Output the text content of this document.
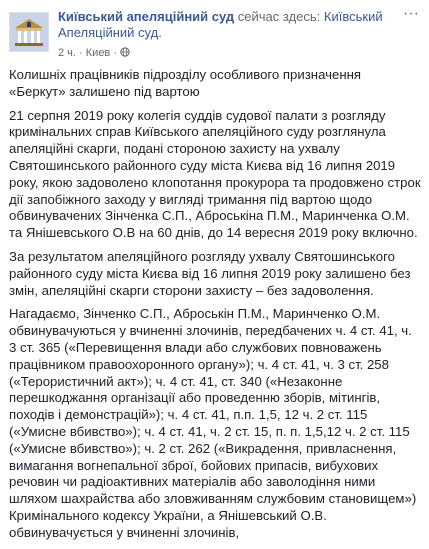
Київський апеляційний суд сейчас здесь: Київський Апеляційний суд.
2 ч. · Киев ·
···

Колишніх працівників підрозділу особливого призначення «Беркут» залишено під вартою

21 серпня 2019 року колегія суддів судової палати з розгляду кримінальних справ Київського апеляційного суду розглянула апеляційні скарги, подані стороною захисту на ухвалу Святошинського районного суду міста Києва від 16 липня 2019 року, якою задоволено клопотання прокурора та продовжено строк дії запобіжного заходу у вигляді тримання під вартою щодо обвинувачених Зінченка С.П., Аброськіна П.М., Маринченка О.М. та Янішевського О.В на 60 днів, до 14 вересня 2019 року включно.

За результатом апеляційного розгляду ухвалу Святошинського районного суду міста Києва від 16 липня 2019 року залишено без змін, апеляційні скарги сторони захисту – без задоволення.

Нагадаємо, Зінченко С.П., Аброськін П.М., Маринченко О.М. обвинувачуються у вчиненні злочинів, передбачених ч. 4 ст. 41, ч. 3 ст. 365 («Перевищення влади або службових повноважень працівником правоохоронного органу»); ч. 4 ст. 41, ч. 3 ст. 258 («Терористичний акт»); ч. 4 ст. 41, ст. 340 («Незаконне перешкоджання організації або проведенню зборів, мітингів, походів і демонстрацій»); ч. 4 ст. 41, п.п. 1,5, 12 ч. 2 ст. 115 («Умисне вбивство»); ч. 4 ст. 41, ч. 2 ст. 15, п. п. 1,5,12 ч. 2 ст. 115 («Умисне вбивство»); ч. 2 ст. 262 («Викрадення, привласнення, вимагання вогнепальної зброї, бойових припасів, вибухових речовин чи радіоактивних матеріалів або заволодіння ними шляхом шахрайства або зловживанням службовим становищем») Кримінального кодексу України, а Янішевський О.В. обвинувачується у вчиненні злочинів,
